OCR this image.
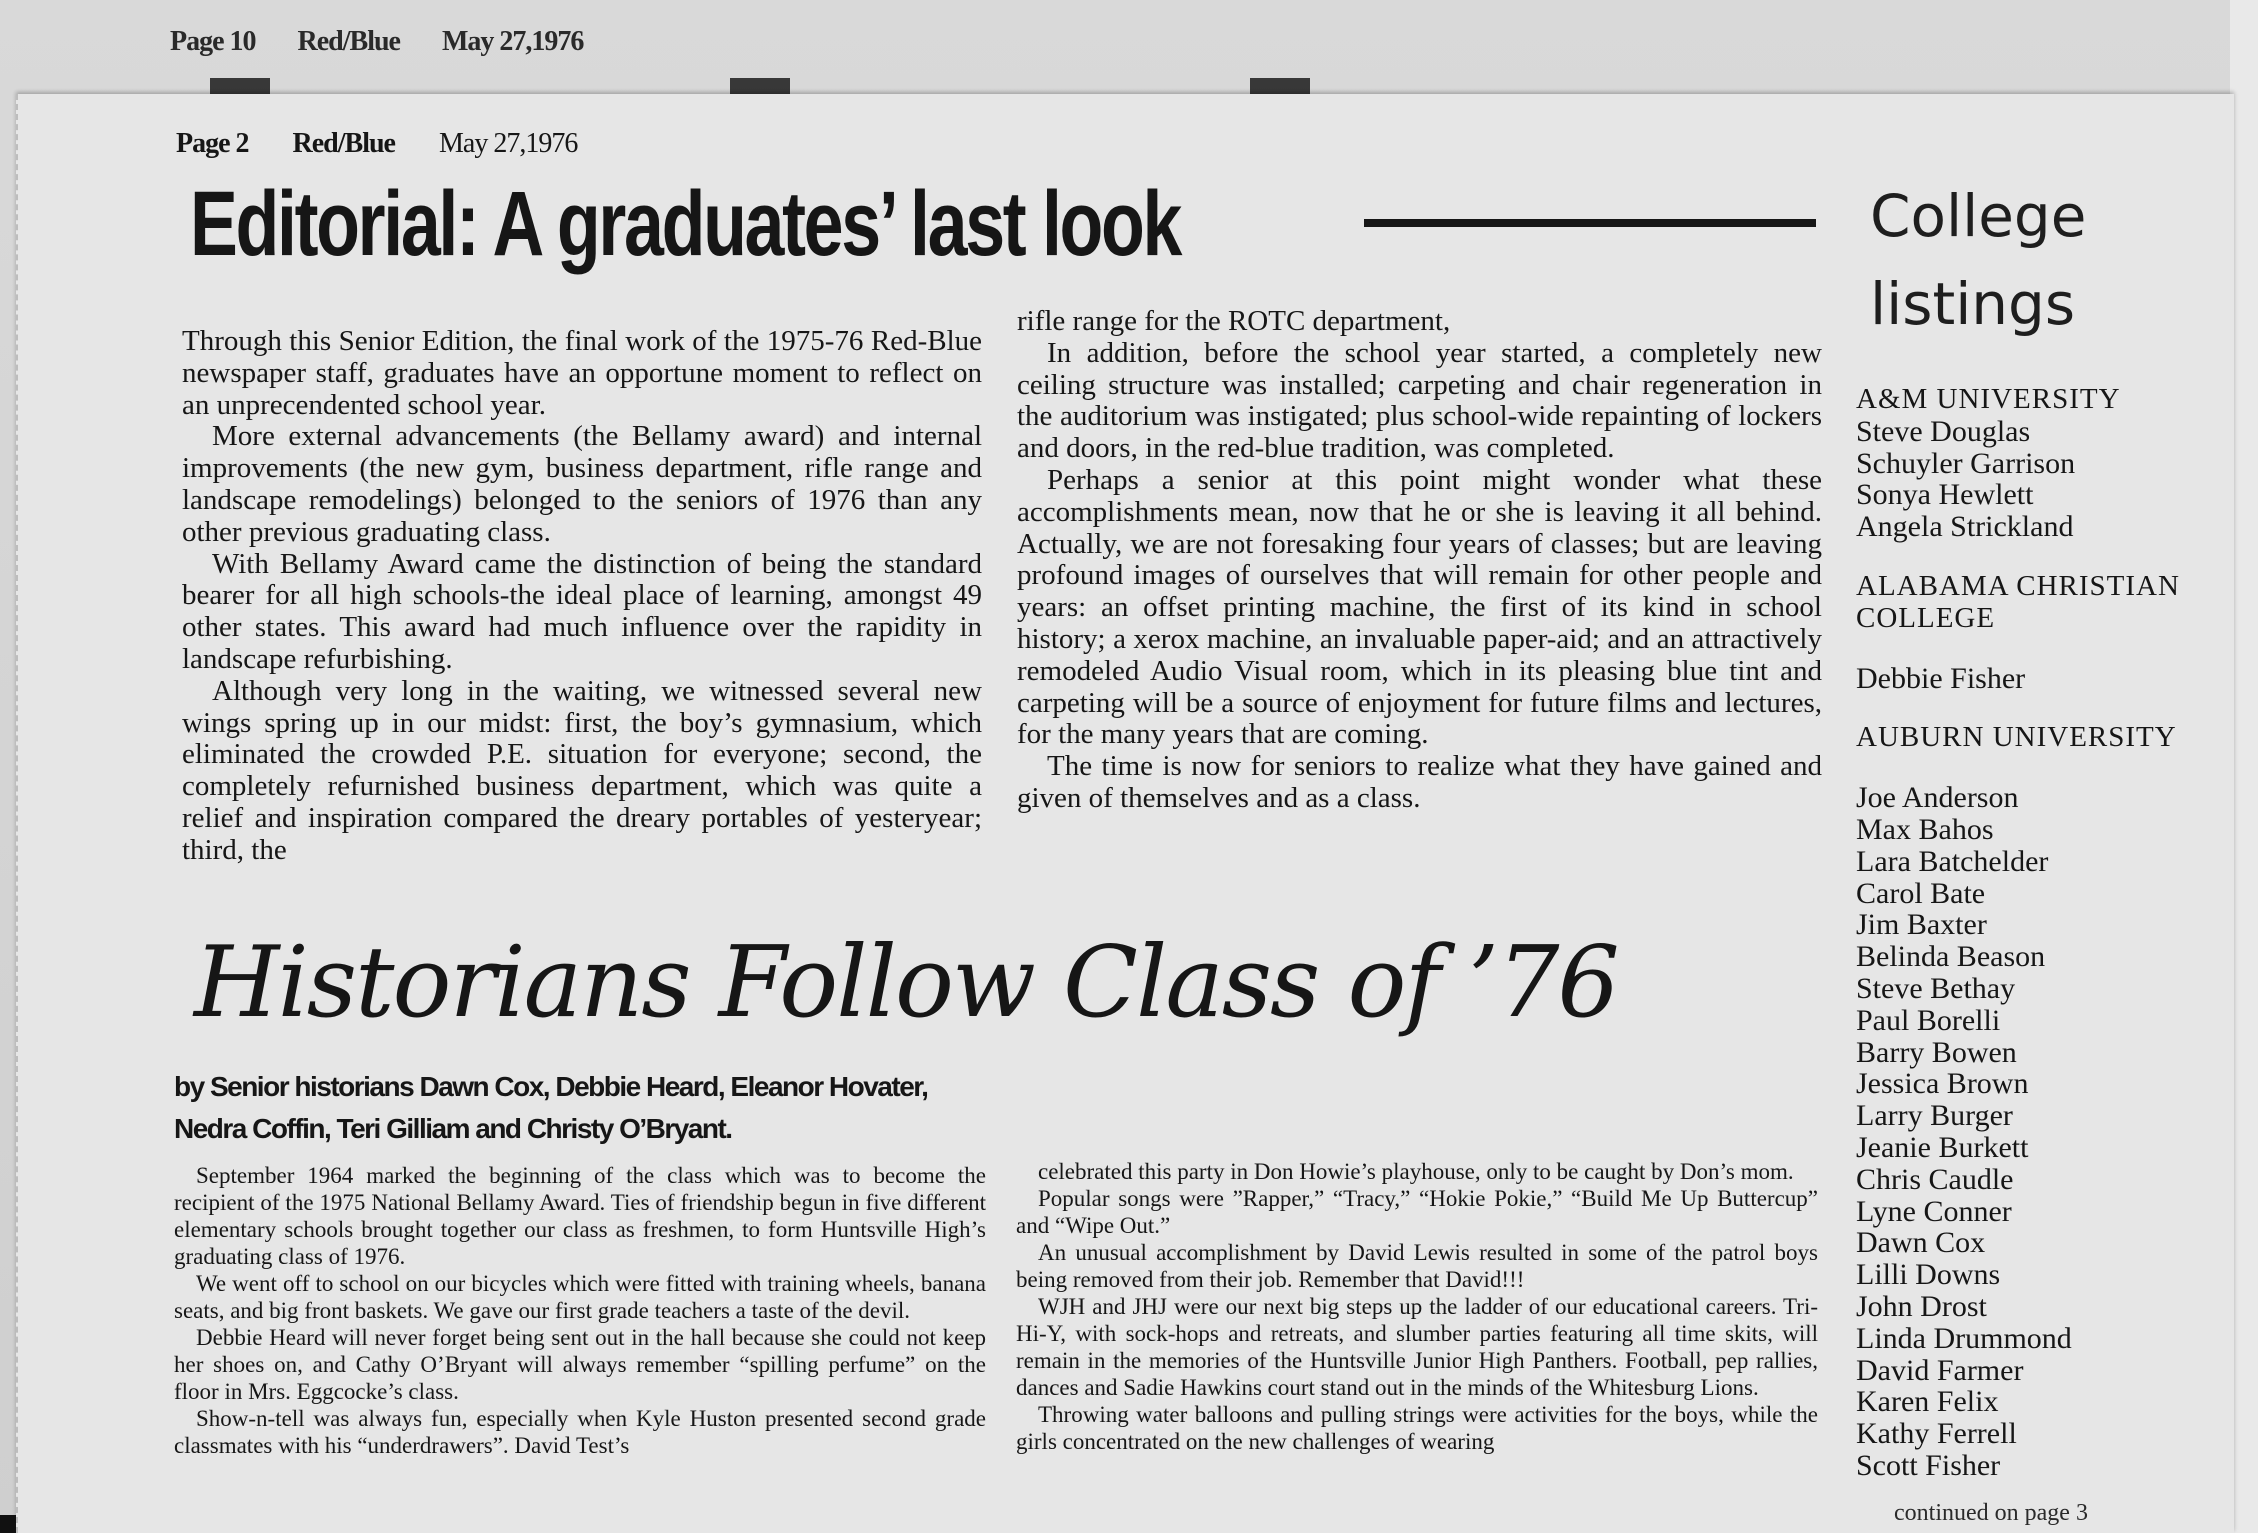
Page 10 Red/Blue May 27,1976
Page 2 Red/Blue May 27,1976
Editorial: A graduates’ last look

Through this Senior Edition, the final work of the 1975-76 Red-Blue newspaper staff, graduates have an opportune moment to reflect on an unprecendented school year.

More external advancements (the Bellamy award) and internal improvements (the new gym, business department, rifle range and landscape remodelings) belonged to the seniors of 1976 than any other previous graduating class.

With Bellamy Award came the distinction of being the standard bearer for all high schools-the ideal place of learning, amongst 49 other states. This award had much influence over the rapidity in landscape refurbishing.

Although very long in the waiting, we witnessed several new wings spring up in our midst: first, the boy’s gymnasium, which eliminated the crowded P.E. situation for everyone; second, the completely refurnished business department, which was quite a relief and inspiration compared the dreary portables of yesteryear; third, the

rifle range for the ROTC department,

In addition, before the school year started, a completely new ceiling structure was installed; carpeting and chair regeneration in the auditorium was instigated; plus school-wide repainting of lockers and doors, in the red-blue tradition, was completed.

Perhaps a senior at this point might wonder what these accomplishments mean, now that he or she is leaving it all behind. Actually, we are not foresaking four years of classes; but are leaving profound images of ourselves that will remain for other people and years: an offset printing machine, the first of its kind in school history; a xerox machine, an invaluable paper-aid; and an attractively remodeled Audio Visual room, which in its pleasing blue tint and carpeting will be a source of enjoyment for future films and lectures, for the many years that are coming.

The time is now for seniors to realize what they have gained and given of themselves and as a class.

Historians Follow Class of ’76
by Senior historians Dawn Cox, Debbie Heard, Eleanor Hovater, Nedra Coffin, Teri Gilliam and Christy O’Bryant.

September 1964 marked the beginning of the class which was to become the recipient of the 1975 National Bellamy Award. Ties of friendship begun in five different elementary schools brought together our class as freshmen, to form Huntsville High’s graduating class of 1976.

We went off to school on our bicycles which were fitted with training wheels, banana seats, and big front baskets. We gave our first grade teachers a taste of the devil.

Debbie Heard will never forget being sent out in the hall because she could not keep her shoes on, and Cathy O’Bryant will always remember “spilling perfume” on the floor in Mrs. Eggcocke’s class.

Show-n-tell was always fun, especially when Kyle Huston presented second grade classmates with his “underdrawers”. David Test’s

celebrated this party in Don Howie’s playhouse, only to be caught by Don’s mom.

Popular songs were ”Rapper,” “Tracy,” “Hokie Pokie,” “Build Me Up Buttercup” and “Wipe Out.”

An unusual accomplishment by David Lewis resulted in some of the patrol boys being removed from their job. Remember that David!!!

WJH and JHJ were our next big steps up the ladder of our educational careers. Tri-Hi-Y, with sock-hops and retreats, and slumber parties featuring all time skits, will remain in the memories of the Huntsville Junior High Panthers. Football, pep rallies, dances and Sadie Hawkins court stand out in the minds of the Whitesburg Lions.

Throwing water balloons and pulling strings were activities for the boys, while the girls concentrated on the new challenges of wearing

College
listings

A&M UNIVERSITY

Steve Douglas

Schuyler Garrison

Sonya Hewlett

Angela Strickland

ALABAMA CHRISTIAN COLLEGE

Debbie Fisher

AUBURN UNIVERSITY

Joe Anderson

Max Bahos

Lara Batchelder

Carol Bate

Jim Baxter

Belinda Beason

Steve Bethay

Paul Borelli

Barry Bowen

Jessica Brown

Larry Burger

Jeanie Burkett

Chris Caudle

Lyne Conner

Dawn Cox

Lilli Downs

John Drost

Linda Drummond

David Farmer

Karen Felix

Kathy Ferrell

Scott Fisher

continued on page 3
